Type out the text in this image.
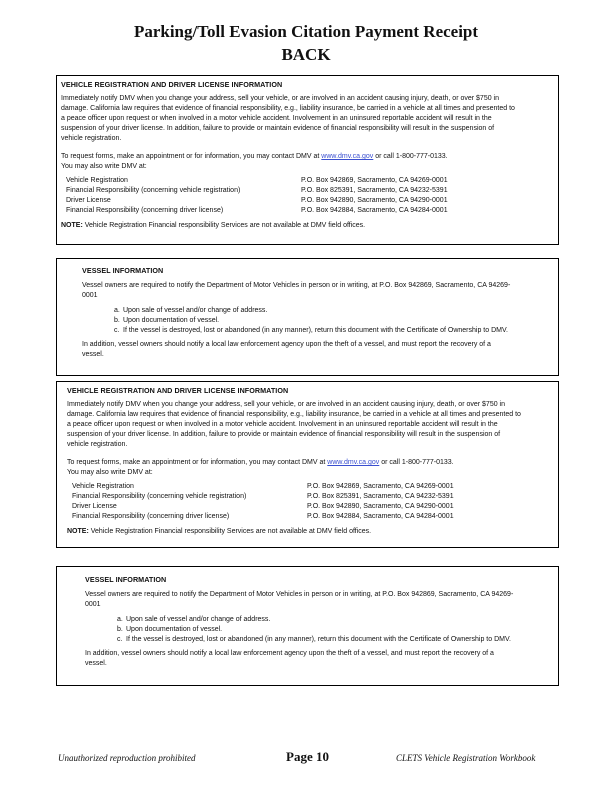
Parking/Toll Evasion Citation Payment Receipt
BACK

VEHICLE REGISTRATION AND DRIVER LICENSE INFORMATION

Immediately notify DMV when you change your address, sell your vehicle, or are involved in an accident causing injury, death, or over $750 in damage. California law requires that evidence of financial responsibility, e.g., liability insurance, be carried in a vehicle at all times and presented to a peace officer upon request or when involved in a motor vehicle accident. Involvement in an uninsured reportable accident will result in the suspension of your driver license. In addition, failure to provide or maintain evidence of financial responsibility will result in the suspension of vehicle registration.

To request forms, make an appointment or for information, you may contact DMV at www.dmv.ca.gov or call 1-800-777-0133.

You may also write DMV at:

Vehicle Registration	P.O. Box 942869, Sacramento, CA 94269-0001
Financial Responsibility (concerning vehicle registration)	P.O. Box 825391, Sacramento, CA 94232-5391
Driver License	P.O. Box 942890, Sacramento, CA 94290-0001
Financial Responsibility (concerning driver license)	P.O. Box 942884, Sacramento, CA 94284-0001

NOTE: Vehicle Registration Financial responsibility Services are not available at DMV field offices.

VESSEL INFORMATION

Vessel owners are required to notify the Department of Motor Vehicles in person or in writing, at P.O. Box 942869, Sacramento, CA 94269-0001

a. Upon sale of vessel and/or change of address.
b. Upon documentation of vessel.
c. If the vessel is destroyed, lost or abandoned (in any manner), return this document with the Certificate of Ownership to DMV.

In addition, vessel owners should notify a local law enforcement agency upon the theft of a vessel, and must report the recovery of a vessel.

VEHICLE REGISTRATION AND DRIVER LICENSE INFORMATION

Immediately notify DMV when you change your address, sell your vehicle, or are involved in an accident causing injury, death, or over $750 in damage. California law requires that evidence of financial responsibility, e.g., liability insurance, be carried in a vehicle at all times and presented to a peace officer upon request or when involved in a motor vehicle accident. Involvement in an uninsured reportable accident will result in the suspension of your driver license. In addition, failure to provide or maintain evidence of financial responsibility will result in the suspension of vehicle registration.

To request forms, make an appointment or for information, you may contact DMV at www.dmv.ca.gov or call 1-800-777-0133.

You may also write DMV at:

Vehicle Registration	P.O. Box 942869, Sacramento, CA 94269-0001
Financial Responsibility (concerning vehicle registration)	P.O. Box 825391, Sacramento, CA 94232-5391
Driver License	P.O. Box 942890, Sacramento, CA 94290-0001
Financial Responsibility (concerning driver license)	P.O. Box 942884, Sacramento, CA 94284-0001

NOTE: Vehicle Registration Financial responsibility Services are not available at DMV field offices.

VESSEL INFORMATION

Vessel owners are required to notify the Department of Motor Vehicles in person or in writing, at P.O. Box 942869, Sacramento, CA 94269-0001

a. Upon sale of vessel and/or change of address.
b. Upon documentation of vessel.
c. If the vessel is destroyed, lost or abandoned (in any manner), return this document with the Certificate of Ownership to DMV.

In addition, vessel owners should notify a local law enforcement agency upon the theft of a vessel, and must report the recovery of a vessel.

Unauthorized reproduction prohibited	Page 10	CLETS Vehicle Registration Workbook
